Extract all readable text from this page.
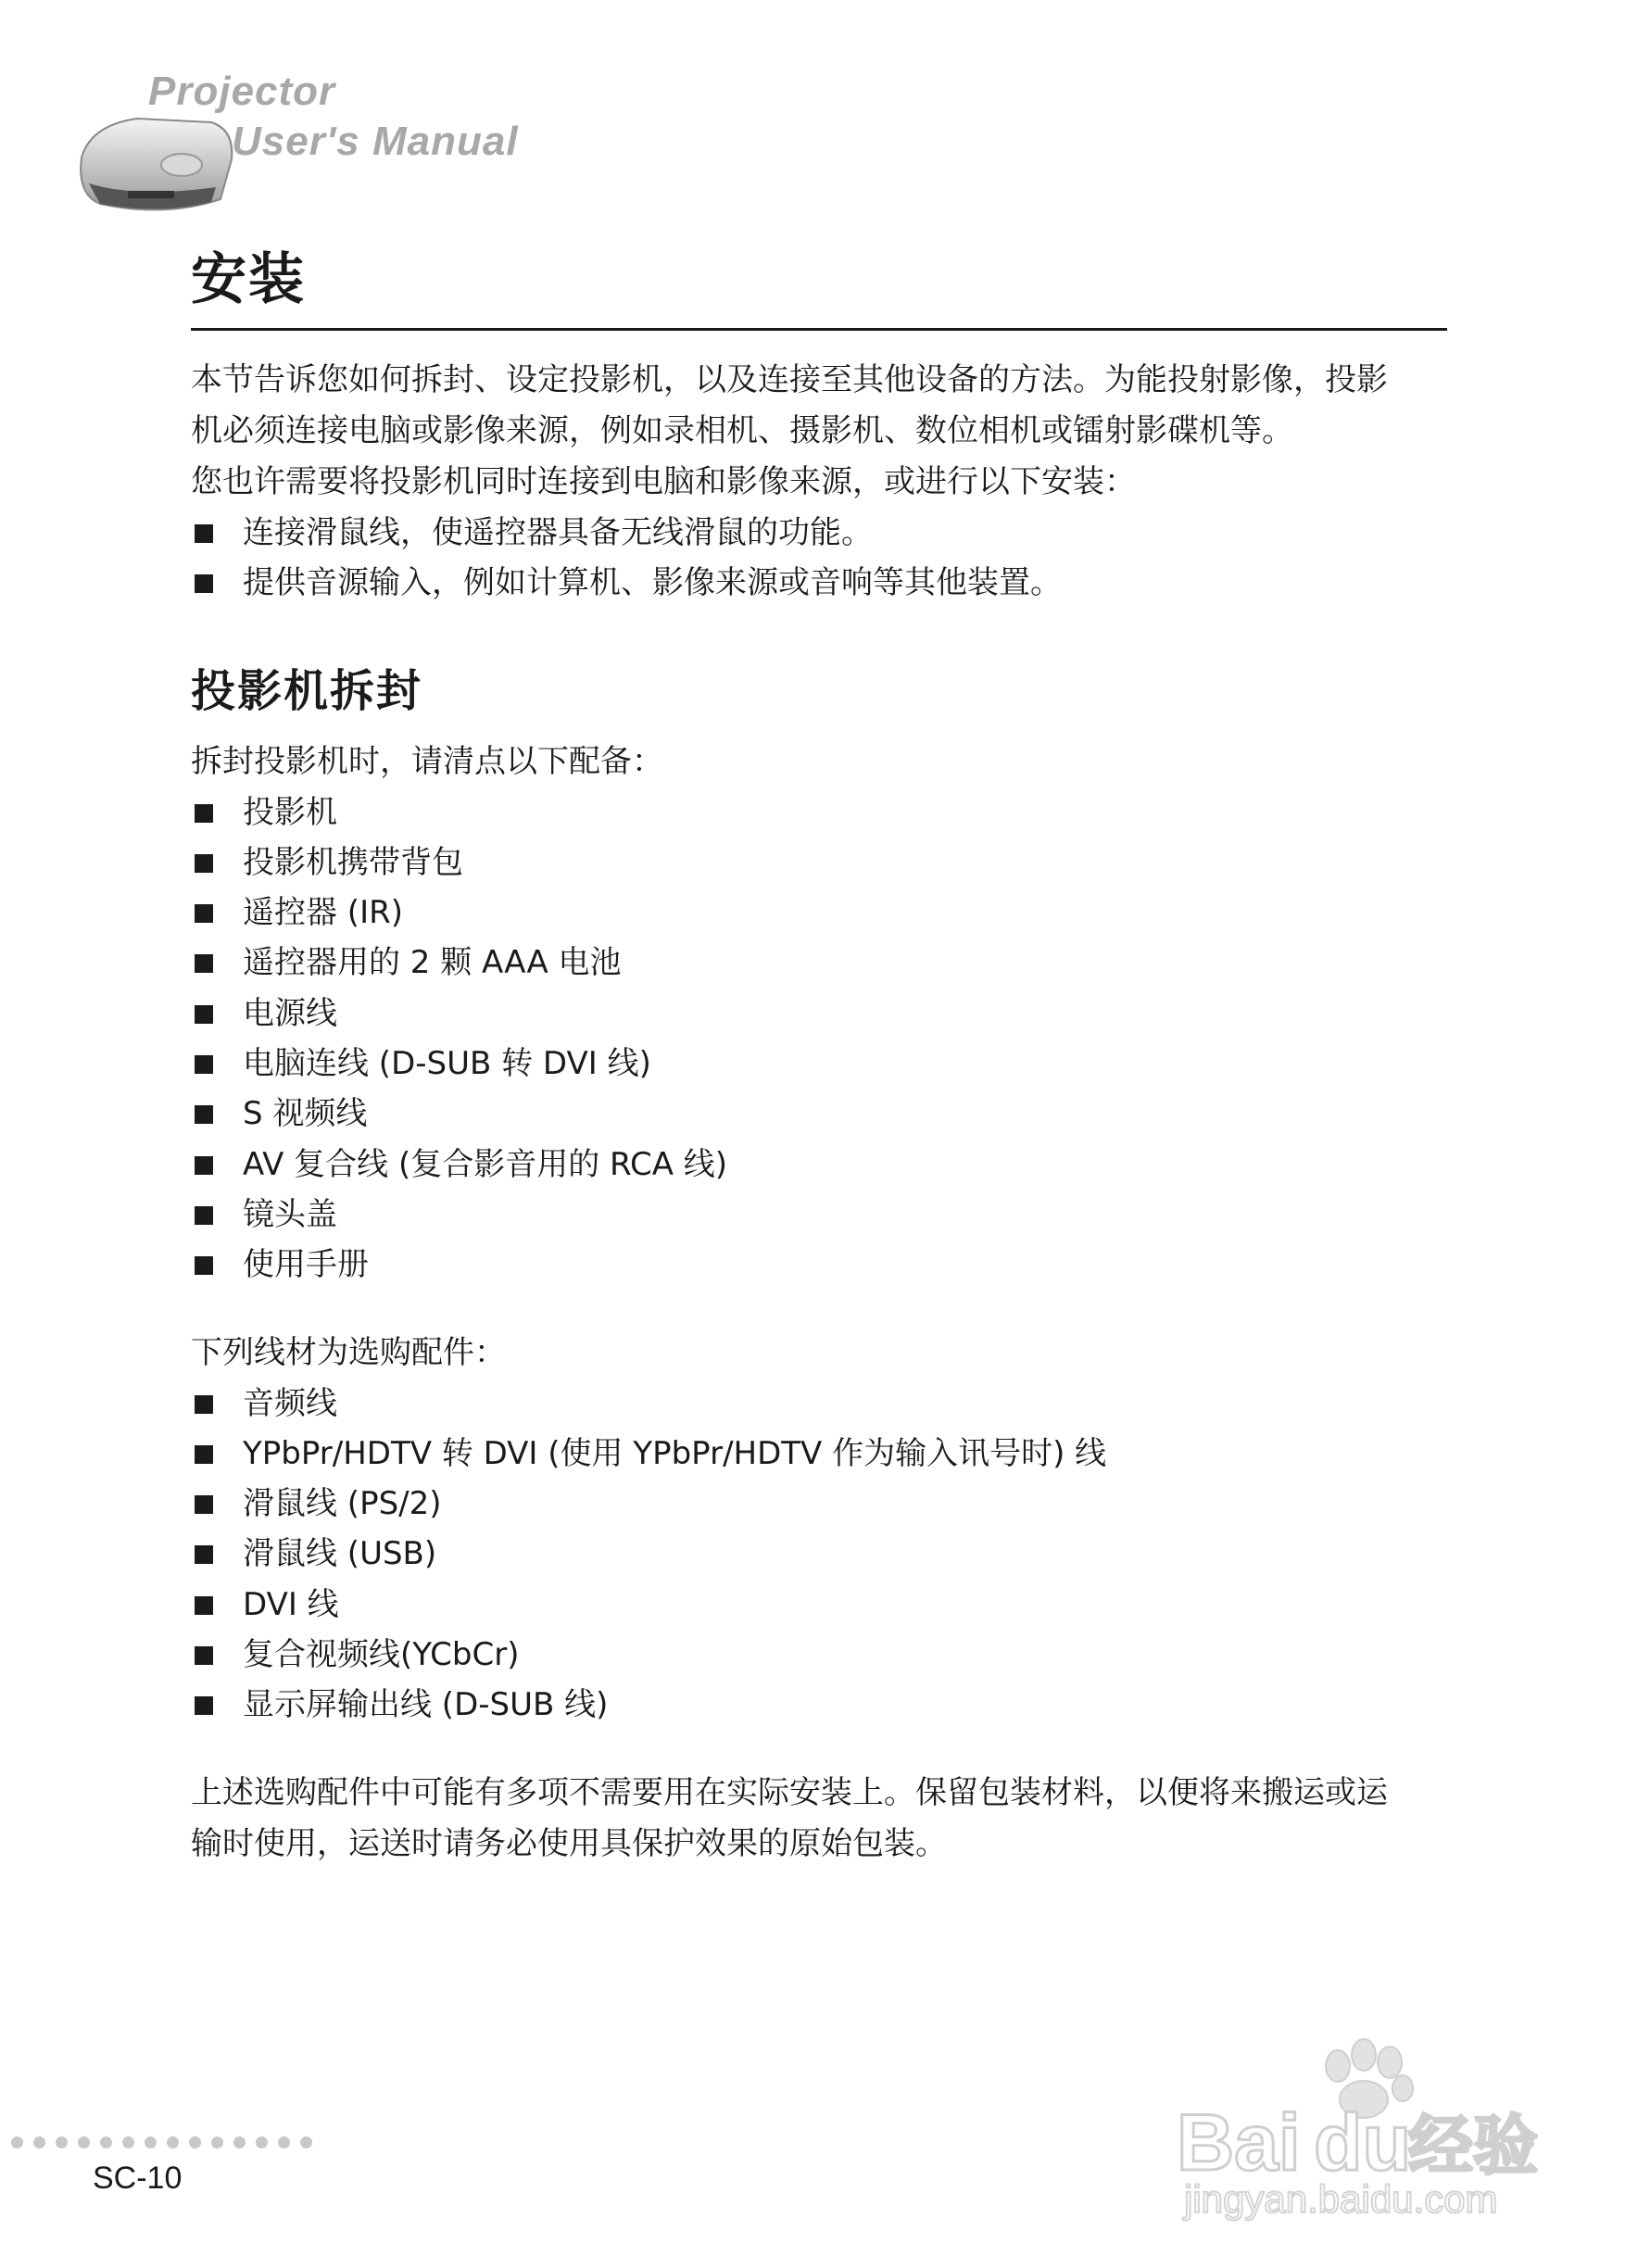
Projector
User's Manual
安装

本节告诉您如何拆封、设定投影机，以及连接至其他设备的方法。为能投射影像，投影

机必须连接电脑或影像来源，例如录相机、摄影机、数位相机或镭射影碟机等。

您也许需要将投影机同时连接到电脑和影像来源，或进行以下安装：

连接滑鼠线，使遥控器具备无线滑鼠的功能。
提供音源输入，例如计算机、影像来源或音响等其他装置。
投影机拆封

拆封投影机时，请清点以下配备：

投影机
投影机携带背包
遥控器 (IR)
遥控器用的 2 颗 AAA 电池
电源线
电脑连线 (D-SUB 转 DVI 线)
S 视频线
AV 复合线 (复合影音用的 RCA 线)
镜头盖
使用手册

下列线材为选购配件：

音频线
YPbPr/HDTV 转 DVI (使用 YPbPr/HDTV 作为输入讯号时) 线
滑鼠线 (PS/2)
滑鼠线 (USB)
DVI 线
复合视频线(YCbCr)
显示屏输出线 (D-SUB 线)

上述选购配件中可能有多项不需要用在实际安装上。保留包装材料，以便将来搬运或运

输时使用，运送时请务必使用具保护效果的原始包装。

SC-10	Bai du
经验
jingyan.baidu.com
